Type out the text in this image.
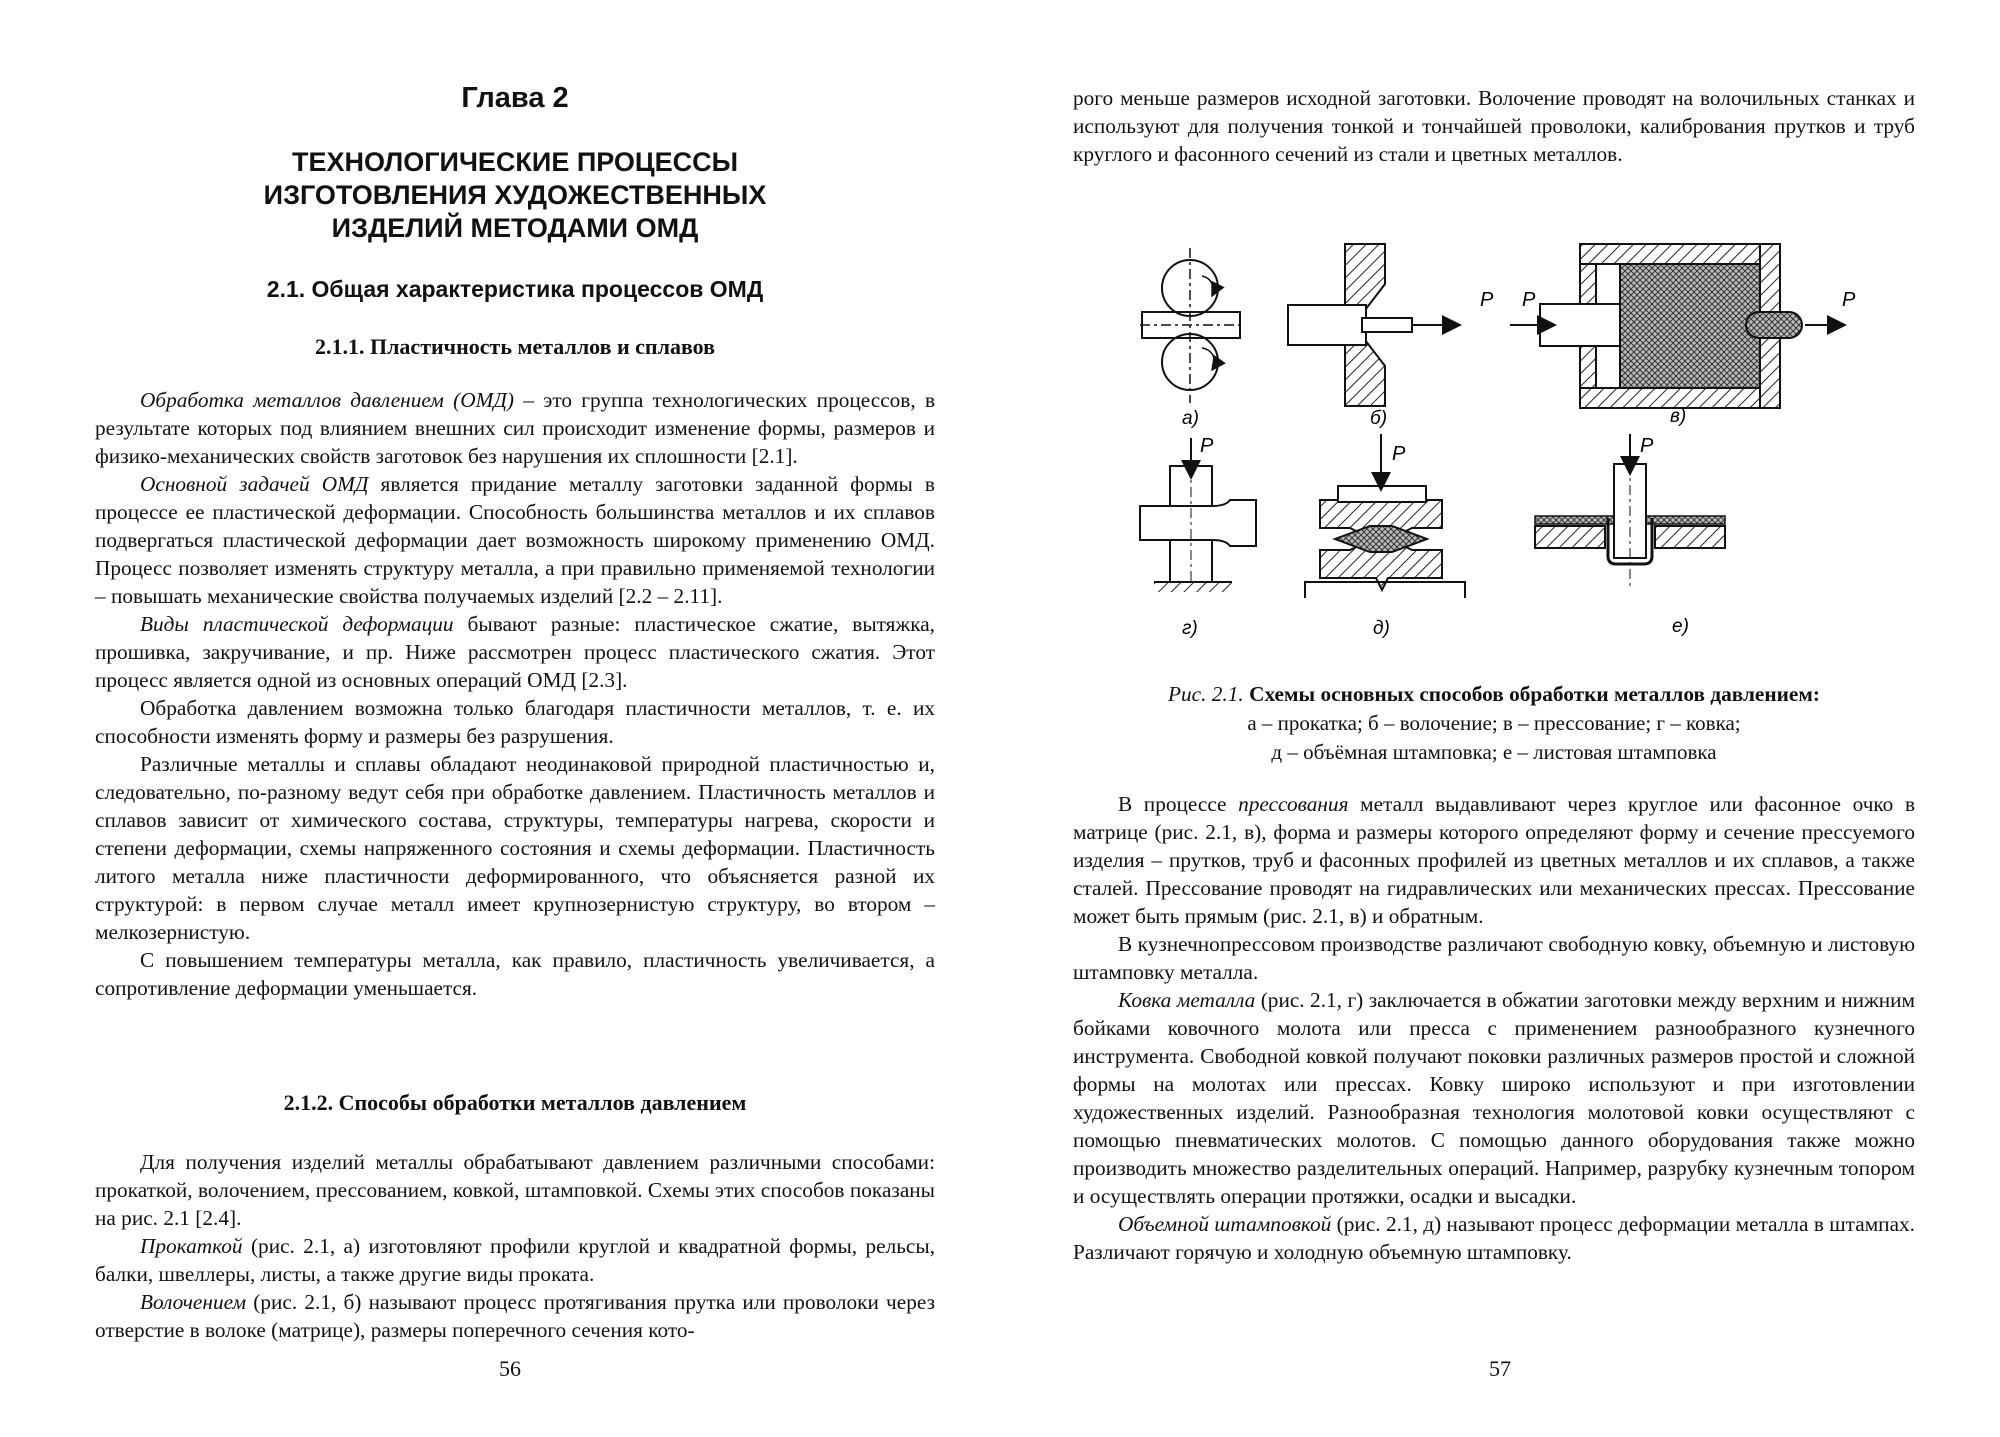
Глава 2
ТЕХНОЛОГИЧЕСКИЕ ПРОЦЕССЫ
ИЗГОТОВЛЕНИЯ ХУДОЖЕСТВЕННЫХ
ИЗДЕЛИЙ МЕТОДАМИ ОМД
2.1. Общая характеристика процессов ОМД
2.1.1. Пластичность металлов и сплавов

Обработка металлов давлением (ОМД) – это группа технологических процессов, в результате которых под влиянием внешних сил происходит изменение формы, размеров и физико-механических свойств заготовок без нарушения их сплошности [2.1].

Основной задачей ОМД является придание металлу заготовки заданной формы в процессе ее пластической деформации. Способность большинства металлов и их сплавов подвергаться пластической деформации дает возможность широкому применению ОМД. Процесс позволяет изменять структуру металла, а при правильно применяемой технологии – повышать механические свойства получаемых изделий [2.2 – 2.11].

Виды пластической деформации бывают разные: пластическое сжатие, вытяжка, прошивка, закручивание, и пр. Ниже рассмотрен процесс пластического сжатия. Этот процесс является одной из основных операций ОМД [2.3].

Обработка давлением возможна только благодаря пластичности металлов, т. е. их способности изменять форму и размеры без разрушения.

Различные металлы и сплавы обладают неодинаковой природной пластичностью и, следовательно, по-разному ведут себя при обработке давлением. Пластичность металлов и сплавов зависит от химического состава, структуры, температуры нагрева, скорости и степени деформации, схемы напряженного состояния и схемы деформации. Пластичность литого металла ниже пластичности деформированного, что объясняется разной их структурой: в первом случае металл имеет крупнозернистую структуру, во втором – мелкозернистую.

С повышением температуры металла, как правило, пластичность увеличивается, а сопротивление деформации уменьшается.

2.1.2. Способы обработки металлов давлением

Для получения изделий металлы обрабатывают давлением различными способами: прокаткой, волочением, прессованием, ковкой, штамповкой. Схемы этих способов показаны на рис. 2.1 [2.4].

Прокаткой (рис. 2.1, а) изготовляют профили круглой и квадратной формы, рельсы, балки, швеллеры, листы, а также другие виды проката.

Волочением (рис. 2.1, б) называют процесс протягивания прутка или проволоки через отверстие в волоке (матрице), размеры поперечного сечения кото-

56

рого меньше размеров исходной заготовки. Волочение проводят на волочильных станках и используют для получения тонкой и тончайшей проволоки, калибрования прутков и труб круглого и фасонного сечений из стали и цветных металлов.

P P	P
P	P	P
а)	б)	в)
г)	д)	е)
Рис. 2.1. Схемы основных способов обработки металлов давлением:
а – прокатка; б – волочение; в – прессование; г – ковка;
д – объёмная штамповка; е – листовая штамповка

В процессе прессования металл выдавливают через круглое или фасонное очко в матрице (рис. 2.1, в), форма и размеры которого определяют форму и сечение прессуемого изделия – прутков, труб и фасонных профилей из цветных металлов и их сплавов, а также сталей. Прессование проводят на гидравлических или механических прессах. Прессование может быть прямым (рис. 2.1, в) и обратным.

В кузнечнопрессовом производстве различают свободную ковку, объемную и листовую штамповку металла.

Ковка металла (рис. 2.1, г) заключается в обжатии заготовки между верхним и нижним бойками ковочного молота или пресса с применением разнообразного кузнечного инструмента. Свободной ковкой получают поковки различных размеров простой и сложной формы на молотах или прессах. Ковку широко используют и при изготовлении художественных изделий. Разнообразная технология молотовой ковки осуществляют с помощью пневматических молотов. С помощью данного оборудования также можно производить множество разделительных операций. Например, разрубку кузнечным топором и осуществлять операции протяжки, осадки и высадки.

Объемной штамповкой (рис. 2.1, д) называют процесс деформации металла в штампах. Различают горячую и холодную объемную штамповку.

57
